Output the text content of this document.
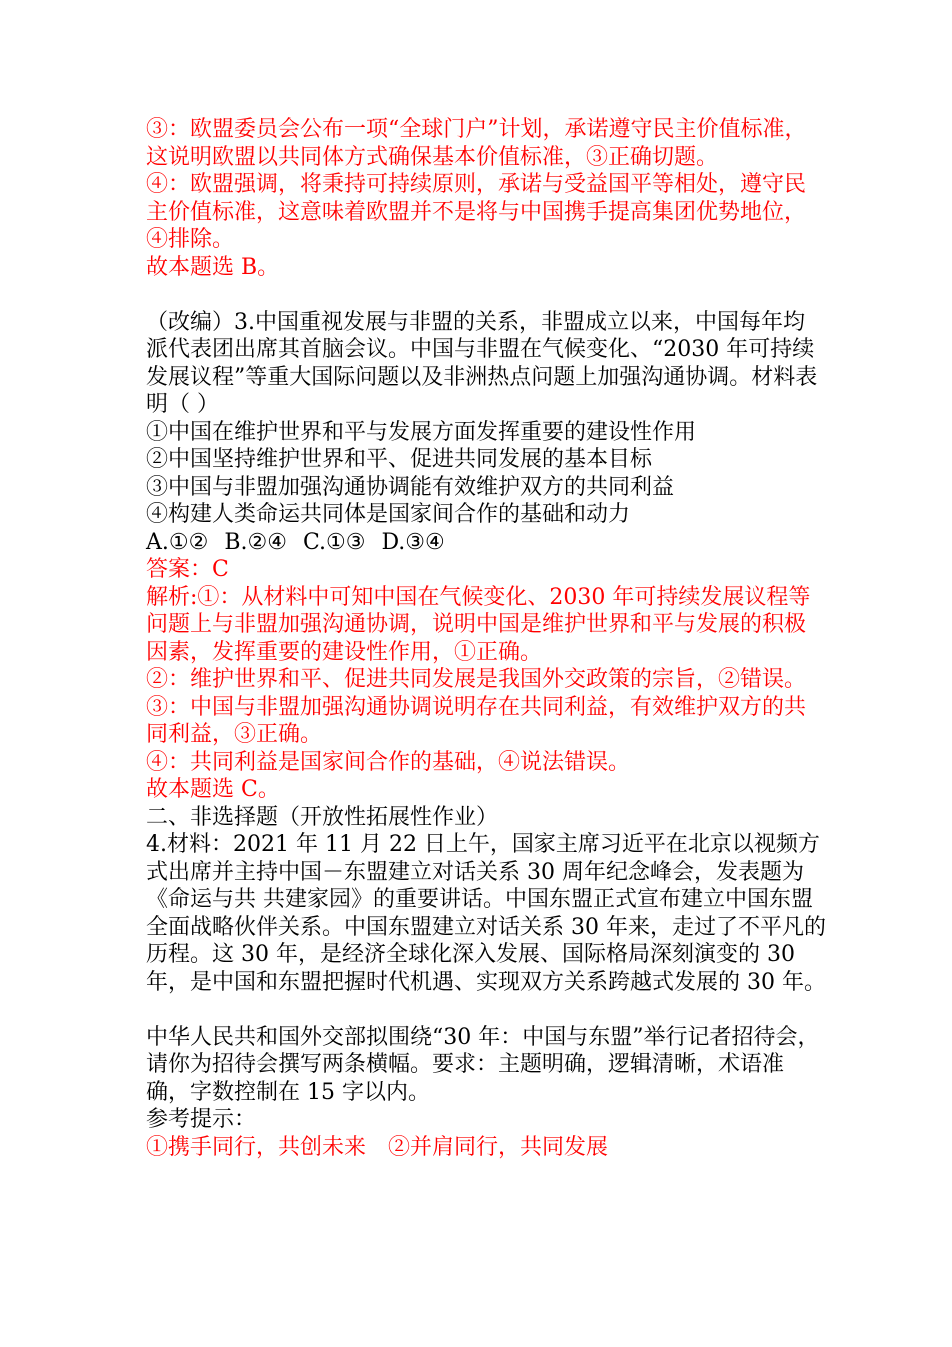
③：欧盟委员会公布一项“全球门户”计划，承诺遵守民主价值标准，这说明欧盟以共同体方式确保基本价值标准，③正确切题。

④：欧盟强调，将秉持可持续原则，承诺与受益国平等相处，遵守民主价值标准，这意味着欧盟并不是将与中国携手提高集团优势地位，④排除。

故本题选 B。

（改编）3.中国重视发展与非盟的关系，非盟成立以来，中国每年均派代表团出席其首脑会议。中国与非盟在气候变化、“2030 年可持续发展议程”等重大国际问题以及非洲热点问题上加强沟通协调。材料表明（ ）

①中国在维护世界和平与发展方面发挥重要的建设性作用

②中国坚持维护世界和平、促进共同发展的基本目标

③中国与非盟加强沟通协调能有效维护双方的共同利益

④构建人类命运共同体是国家间合作的基础和动力

A.①② B.②④ C.①③ D.③④

答案：C

解析:①：从材料中可知中国在气候变化、2030 年可持续发展议程等问题上与非盟加强沟通协调，说明中国是维护世界和平与发展的积极因素，发挥重要的建设性作用，①正确。

②：维护世界和平、促进共同发展是我国外交政策的宗旨，②错误。

③：中国与非盟加强沟通协调说明存在共同利益，有效维护双方的共同利益，③正确。

④：共同利益是国家间合作的基础，④说法错误。

故本题选 C。

二、非选择题（开放性拓展性作业）

4.材料：2021 年 11 月 22 日上午，国家主席习近平在北京以视频方式出席并主持中国－东盟建立对话关系 30 周年纪念峰会，发表题为《命运与共 共建家园》的重要讲话。中国东盟正式宣布建立中国东盟全面战略伙伴关系。中国东盟建立对话关系 30 年来，走过了不平凡的历程。这 30 年，是经济全球化深入发展、国际格局深刻演变的 30 年，是中国和东盟把握时代机遇、实现双方关系跨越式发展的 30 年。

中华人民共和国外交部拟围绕“30 年：中国与东盟”举行记者招待会，请你为招待会撰写两条横幅。要求：主题明确，逻辑清晰，术语准确，字数控制在 15 字以内。

参考提示：

①携手同行，共创未来 ②并肩同行，共同发展
